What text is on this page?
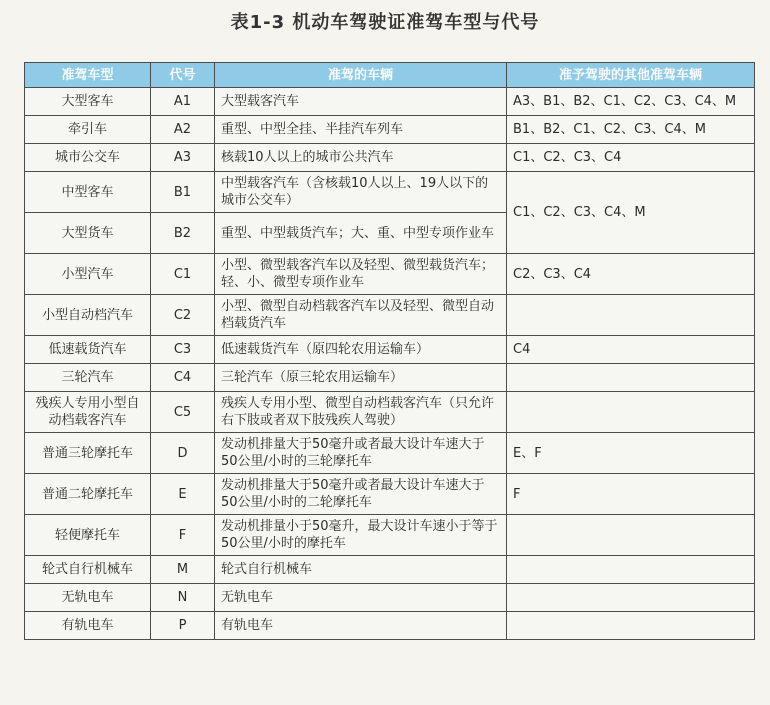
表1-3 机动车驾驶证准驾车型与代号
准驾车型	代号	准驾的车辆	准予驾驶的其他准驾车辆
大型客车	A1	大型载客汽车	A3、B1、B2、C1、C2、C3、C4、M
牵引车	A2	重型、中型全挂、半挂汽车列车	B1、B2、C1、C2、C3、C4、M
城市公交车	A3	核载10人以上的城市公共汽车	C1、C2、C3、C4
中型客车	B1	中型载客汽车（含核载10人以上、19人以下的城市公交车）	C1、C2、C3、C4、M
大型货车	B2	重型、中型载货汽车；大、重、中型专项作业车	
小型汽车	C1	小型、微型载客汽车以及轻型、微型载货汽车；轻、小、微型专项作业车	C2、C3、C4
小型自动档汽车	C2	小型、微型自动档载客汽车以及轻型、微型自动档载货汽车	
低速载货汽车	C3	低速载货汽车（原四轮农用运输车）	C4
三轮汽车	C4	三轮汽车（原三轮农用运输车）	
残疾人专用小型自动档载客汽车	C5	残疾人专用小型、微型自动档载客汽车（只允许右下肢或者双下肢残疾人驾驶）	
普通三轮摩托车	D	发动机排量大于50毫升或者最大设计车速大于50公里/小时的三轮摩托车	E、F
普通二轮摩托车	E	发动机排量大于50毫升或者最大设计车速大于50公里/小时的二轮摩托车	F
轻便摩托车	F	发动机排量小于50毫升，最大设计车速小于等于50公里/小时的摩托车	
轮式自行机械车	M	轮式自行机械车	
无轨电车	N	无轨电车	
有轨电车	P	有轨电车	
